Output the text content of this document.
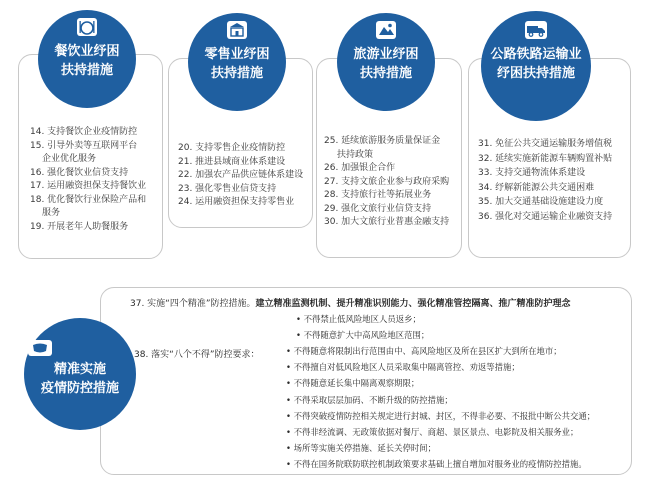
餐饮业纾困
扶持措施
14. 支持餐饮企业疫情防控
15. 引导外卖等互联网平台
企业优化服务
16. 强化餐饮业信贷支持
17. 运用融资担保支持餐饮业
18. 优化餐饮行业保险产品和
服务
19. 开展老年人助餐服务
零售业纾困
扶持措施
20. 支持零售企业疫情防控
21. 推进县域商业体系建设
22. 加强农产品供应链体系建设
23. 强化零售业信贷支持
24. 运用融资担保支持零售业
旅游业纾困
扶持措施
25. 延续旅游服务质量保证金
扶持政策
26. 加强银企合作
27. 支持文旅企业参与政府采购
28. 支持旅行社等拓展业务
29. 强化文旅行业信贷支持
30. 加大文旅行业普惠金融支持
公路铁路运输业
纾困扶持措施
31. 免征公共交通运输服务增值税
32. 延续实施新能源车辆购置补贴
33. 支持交通物流体系建设
34. 纾解新能源公共交通困难
35. 加大交通基础设施建设力度
36. 强化对交通运输企业融资支持
精准实施
疫情防控措施
37. 实施“四个精准”防控措施。建立精准监测机制、提升精准识别能力、强化精准管控隔离、推广精准防护理念
• 不得禁止低风险地区人员返乡；
• 不得随意扩大中高风险地区范围；
38. 落实“八个不得”防控要求：	• 不得随意将限制出行范围由中、高风险地区及所在县区扩大到所在地市；
• 不得擅自对低风险地区人员采取集中隔离管控、劝返等措施；
• 不得随意延长集中隔离观察期限；
• 不得采取层层加码、不断升级的防控措施；
• 不得突破疫情防控相关规定进行封城、封区，不得非必要、不报批中断公共交通；
• 不得非经流调、无政策依据对餐厅、商超、景区景点、电影院及相关服务业；
• 场所等实施关停措施、延长关停时间；
• 不得在国务院联防联控机制政策要求基础上擅自增加对服务业的疫情防控措施。
